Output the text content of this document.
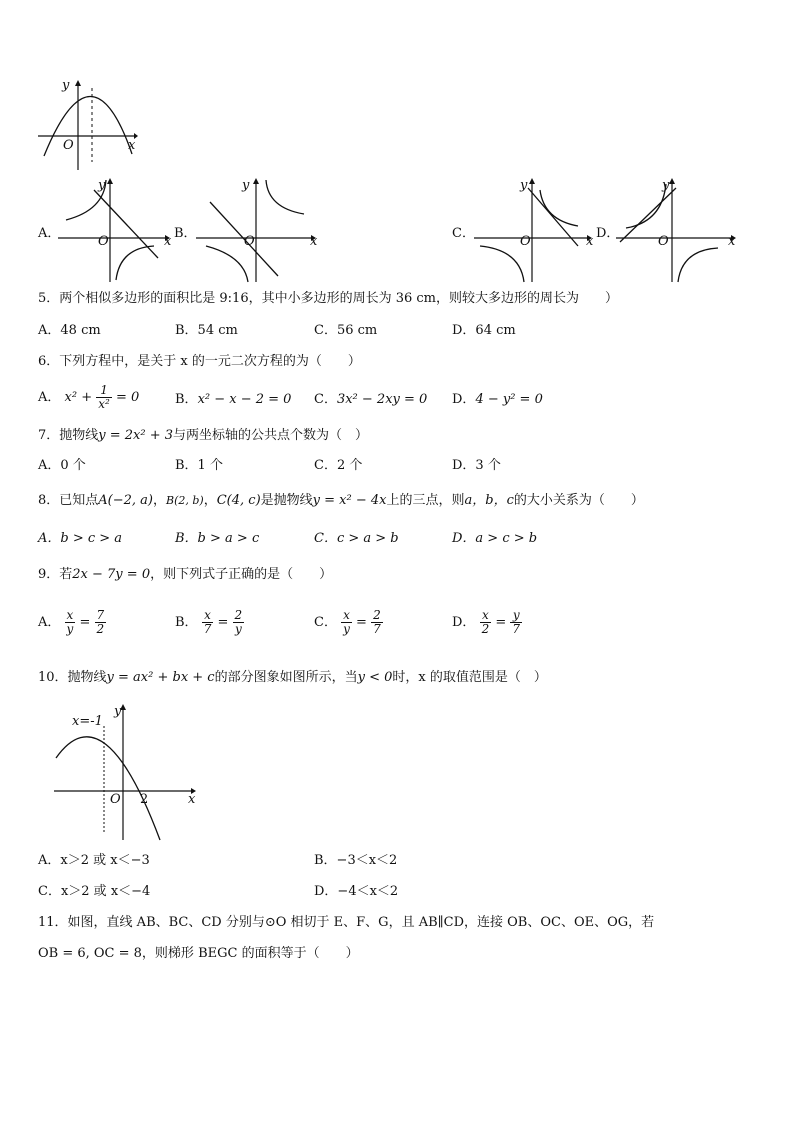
y
x
O
A．
y
x
O
B．
y
x
O
C．
y
x
O
D．
y
x
O
5．两个相似多边形的面积比是 9:16，其中小多边形的周长为 36 cm，则较大多边形的周长为　　）
A．48 cm	B．54 cm	C．56 cm	D．64 cm
6．下列方程中，是关于 x 的一元二次方程的为（　　）
A． $x^2 + \frac{1}{\text{x²}} = 0$	B．x² − x − 2 = 0 C．3x² − 2xy = 0 D．4 − y² = 0
7．抛物线y = 2x² + 3与两坐标轴的公共点个数为（　）
A．0 个	B．1 个	C．2 个	D．3 个
8．已知点A(−2, a)，B(2, b)，C(4, c)是抛物线y = x² − 4x上的三点，则a，b，c的大小关系为（　　）
A．b > c > a	B．b > a > c	C．c > a > b	D．a > c > b
9．若2x − 7y = 0，则下列式子正确的是（　　）
A． $\frac{x}{y} = \frac{7}{2}$	B． $\frac{x}{7} = \frac{2}{y}$	C． $\frac{x}{y} = \frac{2}{7}$	D． $\frac{x}{2} = \frac{y}{7}$
10．抛物线y = ax² + bx + c的部分图象如图所示，当y < 0时，x 的取值范围是（　）
x=-1
y
x
O 2
A．x＞2 或 x＜−3	B．−3＜x＜2
C．x＞2 或 x＜−4	D．−4＜x＜2
11．如图，直线 AB、BC、CD 分别与⊙O 相切于 E、F、G，且 AB∥CD，连接 OB、OC、OE、OG，若
OB = 6, OC = 8，则梯形 BEGC 的面积等于（　　）
